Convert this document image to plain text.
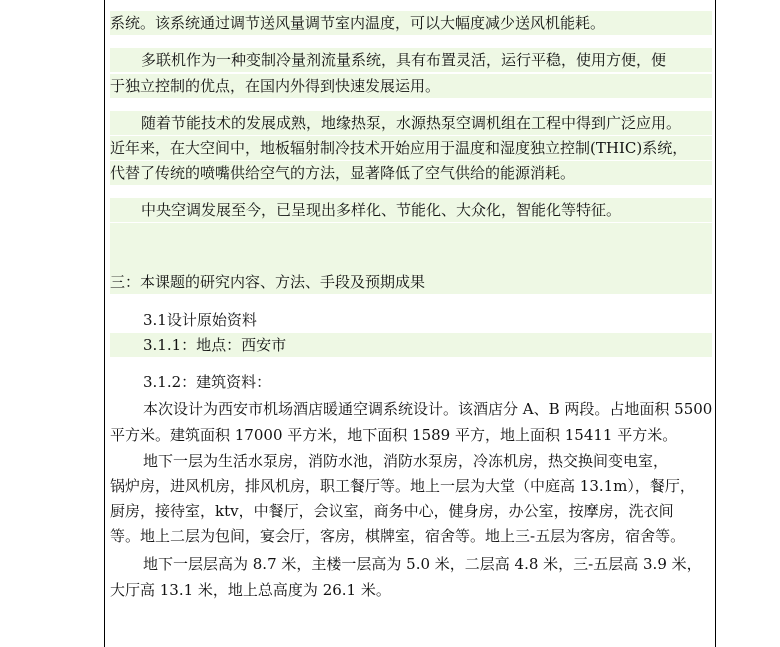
系统。该系统通过调节送风量调节室内温度，可以大幅度减少送风机能耗。
多联机作为一种变制冷量剂流量系统，具有布置灵活，运行平稳，使用方便，便
于独立控制的优点，在国内外得到快速发展运用。
随着节能技术的发展成熟，地缘热泵，水源热泵空调机组在工程中得到广泛应用。
近年来，在大空间中，地板辐射制冷技术开始应用于温度和湿度独立控制(THIC)系统，
代替了传统的喷嘴供给空气的方法，显著降低了空气供给的能源消耗。
中央空调发展至今，已呈现出多样化、节能化、大众化，智能化等特征。
三：本课题的研究内容、方法、手段及预期成果
3.1设计原始资料
3.1.1：地点：西安市
3.1.2：建筑资料：
本次设计为西安市机场酒店暖通空调系统设计。该酒店分 A、B 两段。占地面积 5500
平方米。建筑面积 17000 平方米，地下面积 1589 平方，地上面积 15411 平方米。
地下一层为生活水泵房，消防水池，消防水泵房，冷冻机房，热交换间变电室，
锅炉房，进风机房，排风机房，职工餐厅等。地上一层为大堂（中庭高 13.1m），餐厅，
厨房，接待室，ktv，中餐厅，会议室，商务中心，健身房，办公室，按摩房，洗衣间
等。地上二层为包间，宴会厅，客房，棋牌室，宿舍等。地上三-五层为客房，宿舍等。
地下一层层高为 8.7 米，主楼一层高为 5.0 米，二层高 4.8 米，三-五层高 3.9 米，
大厅高 13.1 米，地上总高度为 26.1 米。
